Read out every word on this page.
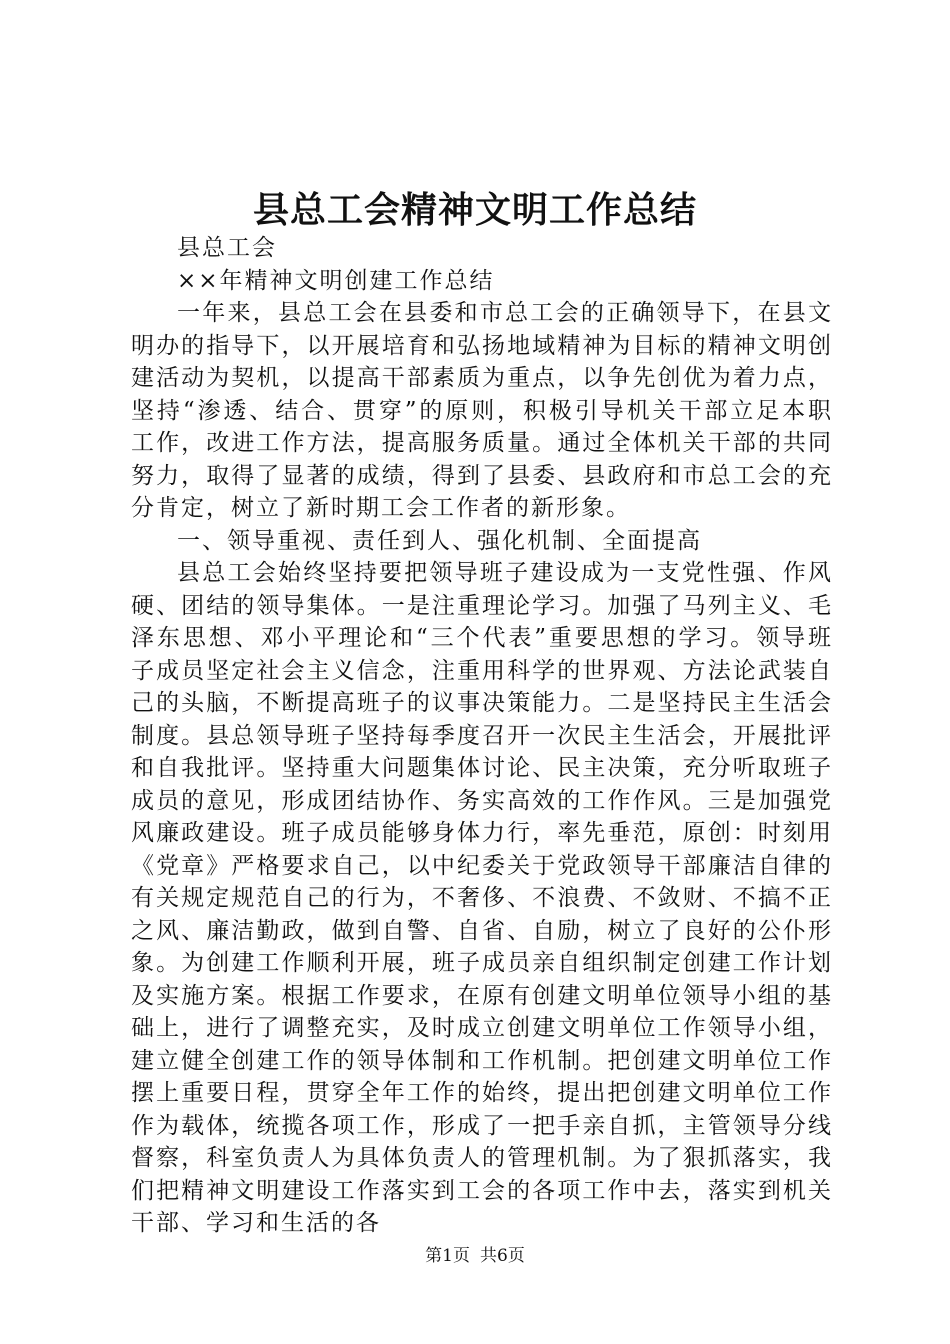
县总工会精神文明工作总结

县总工会

××年精神文明创建工作总结

一年来，县总工会在县委和市总工会的正确领导下，在县文明办的指导下，以开展培育和弘扬地域精神为目标的精神文明创建活动为契机，以提高干部素质为重点，以争先创优为着力点，坚持“渗透、结合、贯穿”的原则，积极引导机关干部立足本职工作，改进工作方法，提高服务质量。通过全体机关干部的共同努力，取得了显著的成绩，得到了县委、县政府和市总工会的充分肯定，树立了新时期工会工作者的新形象。

一、领导重视、责任到人、强化机制、全面提高

县总工会始终坚持要把领导班子建设成为一支党性强、作风硬、团结的领导集体。一是注重理论学习。加强了马列主义、毛泽东思想、邓小平理论和“三个代表”重要思想的学习。领导班子成员坚定社会主义信念，注重用科学的世界观、方法论武装自己的头脑，不断提高班子的议事决策能力。二是坚持民主生活会制度。县总领导班子坚持每季度召开一次民主生活会，开展批评和自我批评。坚持重大问题集体讨论、民主决策，充分听取班子成员的意见，形成团结协作、务实高效的工作作风。三是加强党风廉政建设。班子成员能够身体力行，率先垂范，原创：时刻用《党章》严格要求自己，以中纪委关于党政领导干部廉洁自律的有关规定规范自己的行为，不奢侈、不浪费、不敛财、不搞不正之风、廉洁勤政，做到自警、自省、自励，树立了良好的公仆形象。为创建工作顺利开展，班子成员亲自组织制定创建工作计划及实施方案。根据工作要求，在原有创建文明单位领导小组的基础上，进行了调整充实，及时成立创建文明单位工作领导小组，建立健全创建工作的领导体制和工作机制。把创建文明单位工作摆上重要日程，贯穿全年工作的始终，提出把创建文明单位工作作为载体，统揽各项工作，形成了一把手亲自抓，主管领导分线督察，科室负责人为具体负责人的管理机制。为了狠抓落实，我们把精神文明建设工作落实到工会的各项工作中去，落实到机关干部、学习和生活的各

第1页 共6页
